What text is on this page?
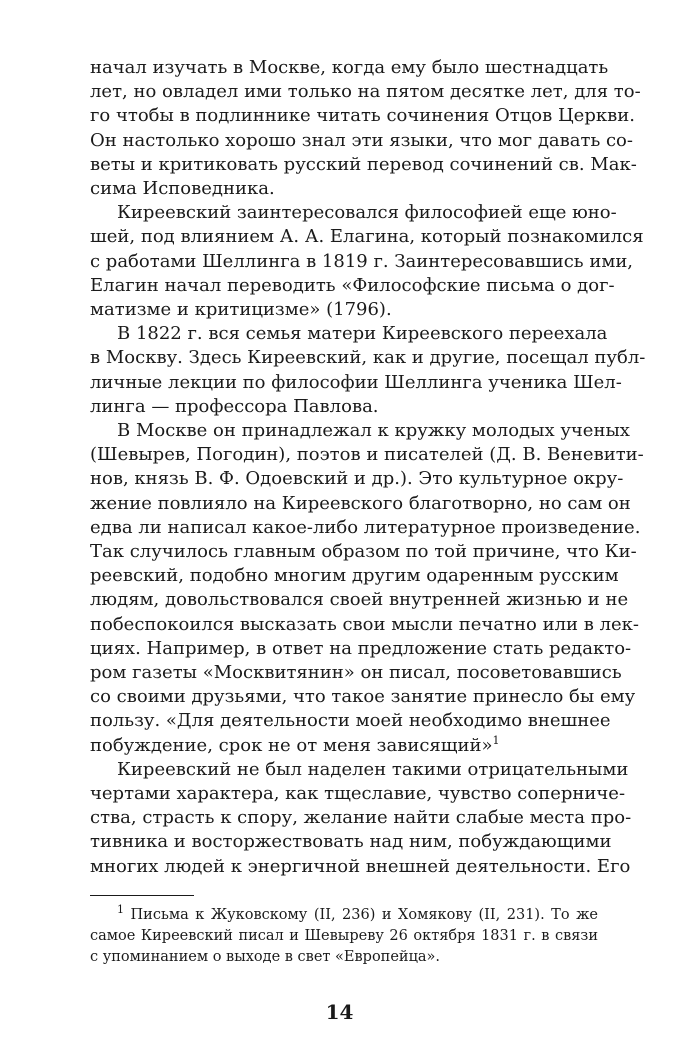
начал изучать в Москве, когда ему было шестнадцать
лет, но овладел ими только на пятом десятке лет, для то-
го чтобы в подлиннике читать сочинения Отцов Церкви.
Он настолько хорошо знал эти языки, что мог давать со-
веты и критиковать русский перевод сочинений св. Мак-
сима Исповедника.
Киреевский заинтересовался философией еще юно-
шей, под влиянием А. А. Елагина, который познакомился
с работами Шеллинга в 1819 г. Заинтересовавшись ими,
Елагин начал переводить «Философские письма о дог-
матизме и критицизме» (1796).
В 1822 г. вся семья матери Киреевского переехала
в Москву. Здесь Киреевский, как и другие, посещал публ-
личные лекции по философии Шеллинга ученика Шел-
линга — профессора Павлова.
В Москве он принадлежал к кружку молодых ученых
(Шевырев, Погодин), поэтов и писателей (Д. В. Веневити-
нов, князь В. Ф. Одоевский и др.). Это культурное окру-
жение повлияло на Киреевского благотворно, но сам он
едва ли написал какое-либо литературное произведение.
Так случилось главным образом по той причине, что Ки-
реевский, подобно многим другим одаренным русским
людям, довольствовался своей внутренней жизнью и не
побеспокоился высказать свои мысли печатно или в лек-
циях. Например, в ответ на предложение стать редакто-
ром газеты «Москвитянин» он писал, посоветовавшись
со своими друзьями, что такое занятие принесло бы ему
пользу. «Для деятельности моей необходимо внешнее
побуждение, срок не от меня зависящий»$^1$
Киреевский не был наделен такими отрицательными
чертами характера, как тщеславие, чувство соперниче-
ства, страсть к спору, желание найти слабые места про-
тивника и восторжествовать над ним, побуждающими
многих людей к энергичной внешней деятельности. Его
$^1$ Письма к Жуковскому (II, 236) и Хомякову (II, 231). То же
самое Киреевский писал и Шевыреву 26 октября 1831 г. в связи
с упоминанием о выходе в свет «Европейца».
14
